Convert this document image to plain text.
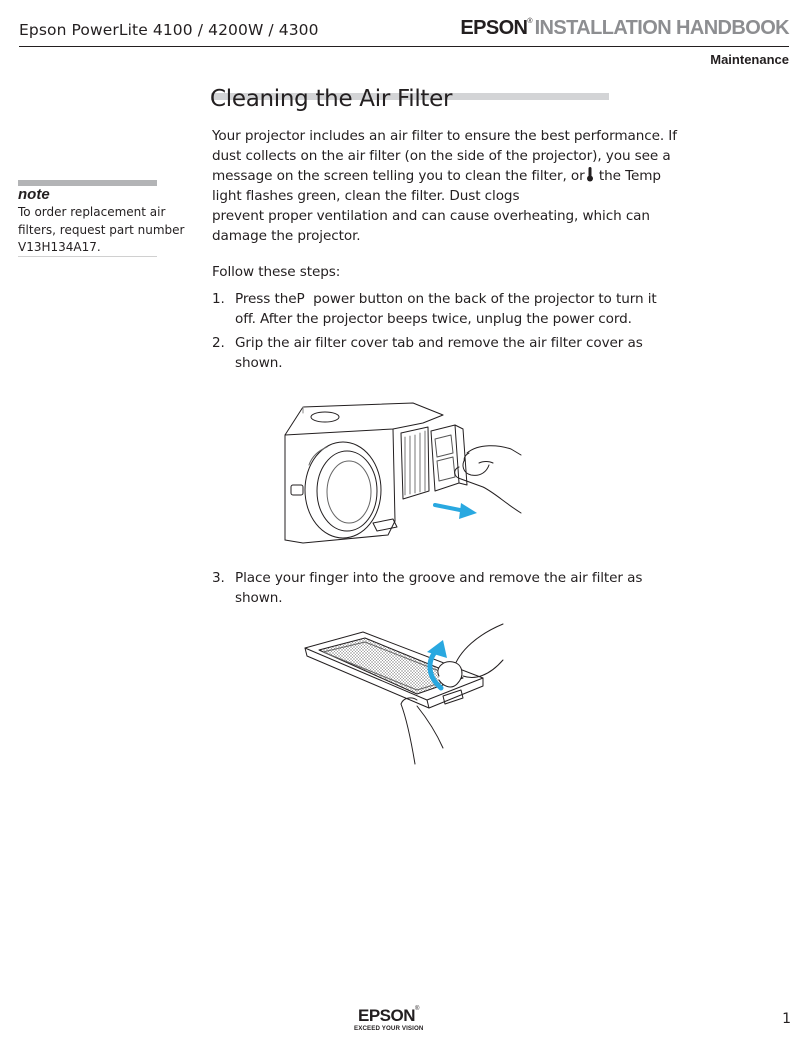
Epson PowerLite 4100 / 4200W / 4300	EPSON ® INSTALLATION HANDBOOK
Maintenance
Cleaning the Air Filter
Your projector includes an air filter to ensure the best performance. If
dust collects on the air filter (on the side of the projector), you see a
message on the screen telling you to clean the filter, or the Temp
light flashes green, clean the filter. Dust clogs
prevent proper ventilation and can cause overheating, which can
damage the projector.
note
To order replacement air
filters, request part number
V13H134A17.
Follow these steps:
1. Press theP  power button on the back of the projector to turn it
off. After the projector beeps twice, unplug the power cord.
2. Grip the air filter cover tab and remove the air filter cover as
shown.
3. Place your finger into the groove and remove the air filter as
shown.
EPSON®
EXCEED YOUR VISION
1
